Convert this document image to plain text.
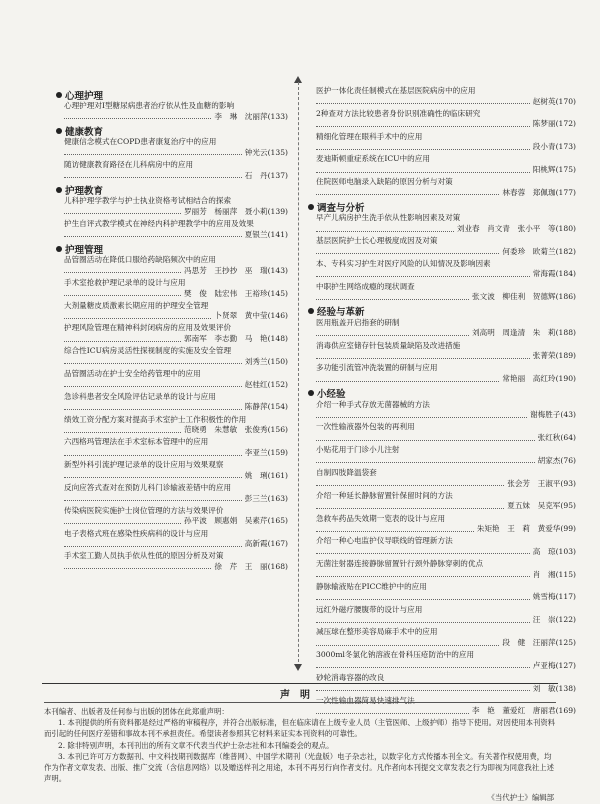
心理护理
心理护理对Ⅰ型糖尿病患者治疗依从性及血糖的影响
李　琳　沈丽萍 (133)
健康教育
健康信念模式在COPD患者康复治疗中的应用
钟光云 (135)
随访健康教育路径在儿科病房中的应用
石　丹 (137)
护理教育
儿科护理学教学与护士执业资格考试相结合的探索
罗丽芳　杨丽萍　聂小莉 (139)
护生自评式教学模式在神经内科护理教学中的应用及效果
夏银兰 (141)
护理管理
品管圈活动在降低口服给药缺陷频次中的应用
冯思芳　王抄抄　巫　瑞 (143)
手术室抢救护理记录单的设计与应用
樊　俊　陆宏伟　王裕珍 (145)
大剂量糖皮质激素长期应用的护理安全管理
卜贤翠　黄中莹 (146)
护理风险管理在精神科封闭病房的应用及效果评价
郭南军　李志勤　马　艳 (148)
综合性ICU病房灵活性探视制度的实施及安全管理
刘秀兰 (150)
品管圈活动在护士安全给药管理中的应用
赵桂红 (152)
急诊科患者安全风险评估记录单的设计与应用
陈静萍 (154)
绩效工资分配方案对提高手术室护士工作积极性的作用
范晓勇　朱慧敏　张俊秀 (156)
六西格玛管理法在手术室标本管理中的应用
李亚兰 (159)
新型外科引流护理记录单的设计应用与效果观察
姚　琍 (161)
反向应答式查对在预防儿科门诊输液差错中的应用
彭三兰 (163)
传染病医院实施护士岗位管理的方法与效果评价
孙平波　顾惠娟　吴素芹 (165)
电子表格式班在感染性疾病科的设计与应用
高新霞 (167)
手术室工勤人员执手依从性低的原因分析及对策
徐　芹　王　丽 (168)
医护一体化责任制模式在基层医院病房中的应用
赵树英 (170)
2种查对方法比较患者身份识别准确性的临床研究
陈梦丽 (172)
精细化管理在眼科手术中的应用
段小青 (173)
麦迪斯顿重症系统在ICU中的应用
阳桃辉 (175)
住院医师电脑录入缺陷的原因分析与对策
林春蓉　郑佩珈 (177)
调查与分析
早产儿病房护生洗手依从性影响因素及对策
刘业春　肖文青　张小平　等 (180)
基层医院护士长心理极度成因及对策
何委珍　欧菊兰 (182)
本、专科实习护生对医疗风险的认知情况及影响因素
常海霞 (184)
中职护生网络成瘾的现状调查
张文波　柳佳利　贺德辉 (186)
经验与革新
医用瓶盖开启指套的研制
刘高明　周逢清　朱　莉 (188)
消毒供应室储存针包装质量缺陷及改进措施
张菁荣 (189)
多功能引流管冲洗装置的研制与应用
常艳丽　高红玲 (190)
小经验
介绍一种手式存放无菌器械的方法
谢梅胜子 (43)
一次性输液器外包装的再利用
张红秋 (64)
小贴花用于门诊小儿注射
胡家杰 (76)
自制四肢降温袋套
张会芳　王淑平 (93)
介绍一种延长静脉留置针保留时间的方法
夏五妹　吴克军 (95)
急救车药品失效期一览表的设计与应用
朱矩艳　王　莉　黄爱华 (99)
介绍一种心电监护仪导联线的管理新方法
高　琼 (103)
无菌注射器连接静脉留置针行颈外静脉穿刺的优点
肖　湘 (115)
静脉输液贴在PICC维护中的应用
姚雪梅 (117)
远红外磁疗腰腹带的设计与应用
汪　崇 (122)
减压球在整形美容局麻手术中的应用
段　健　汪丽萍 (125)
3000ml冬氯化钠溶液在骨科压疮防治中的应用
卢亚梅 (127)
砂轮消毒容器的改良
刘　敏 (138)
一次性输血器简易快速排气法
李　艳　董爱红　唐丽君 (169)
声明

本刊编者、出版者及任何参与出版的团体在此郑重声明：

1. 本刊提供的所有资料都是经过严格的审稿程序，并符合出版标准，但在临床请在上级专业人员（主管医师、上级护师）指导下使用。对因使用本刊资料而引起的任何医疗差错和事故本刊不承担责任。希望读者参照其它材料来证实本刊资料的可靠性。

2. 除非特别声明，本刊刊出的所有文章不代表当代护士杂志社和本刊编委会的观点。

3. 本刊已许可万方数据刊、中文科技期刊数据库（维普网）、中国学术期刊（光盘版）电子杂志社，以数字化方式传播本刊全文。有关著作权使用费，均作为作者文章发表、出版、推广交流（含信息网络）以及赠送样刊之用途，本刊不再另行向作者支付。凡作者向本刊提交文章发表之行为即视为同意我社上述声明。

《当代护士》编辑部
